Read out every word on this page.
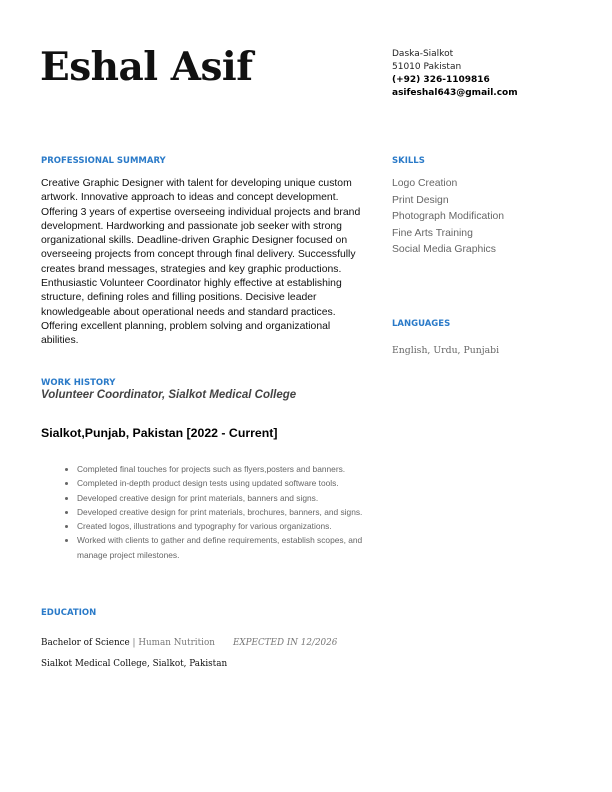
Eshal Asif	Daska-Sialkot
51010 Pakistan
(+92) 326-1109816
asifeshal643@gmail.com
PROFESSIONAL SUMMARY
Creative Graphic Designer with talent for developing unique custom artwork. Innovative approach to ideas and concept development. Offering 3 years of expertise overseeing individual projects and brand development. Hardworking and passionate job seeker with strong organizational skills. Deadline-driven Graphic Designer focused on overseeing projects from concept through final delivery. Successfully creates brand messages, strategies and key graphic productions. Enthusiastic Volunteer Coordinator highly effective at establishing structure, defining roles and filling positions. Decisive leader knowledgeable about operational needs and standard practices. Offering excellent planning, problem solving and organizational abilities.
SKILLS
Logo Creation
Print Design
Photograph Modification
Fine Arts Training
Social Media Graphics
LANGUAGES
English, Urdu, Punjabi
WORK HISTORY
Volunteer Coordinator, Sialkot Medical College
Sialkot,Punjab, Pakistan [2022 - Current]
• Completed final touches for projects such as flyers,posters and banners.
• Completed in-depth product design tests using updated software tools.
• Developed creative design for print materials, banners and signs.
• Developed creative design for print materials, brochures, banners, and signs.
• Created logos, illustrations and typography for various organizations.
• Worked with clients to gather and define requirements, establish scopes, and manage project milestones.
EDUCATION
Bachelor of Science | Human Nutrition EXPECTED IN 12/2026
Sialkot Medical College, Sialkot, Pakistan
